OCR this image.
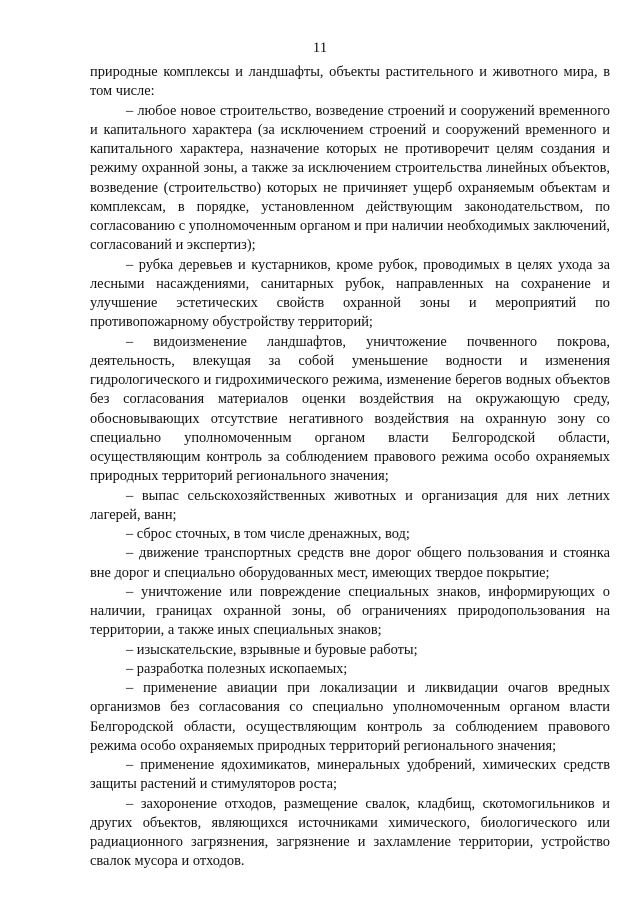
11

природные комплексы и ландшафты, объекты растительного и животного мира, в том числе:

– любое новое строительство, возведение строений и сооружений временного и капитального характера (за исключением строений и сооружений временного и капитального характера, назначение которых не противоречит целям создания и режиму охранной зоны, а также за исключением строительства линейных объектов, возведение (строительство) которых не причиняет ущерб охраняемым объектам и комплексам, в порядке, установленном действующим законодательством, по согласованию с уполномоченным органом и при наличии необходимых заключений, согласований и экспертиз);

– рубка деревьев и кустарников, кроме рубок, проводимых в целях ухода за лесными насаждениями, санитарных рубок, направленных на сохранение и улучшение эстетических свойств охранной зоны и мероприятий по противопожарному обустройству территорий;

– видоизменение ландшафтов, уничтожение почвенного покрова, деятельность, влекущая за собой уменьшение водности и изменения гидрологического и гидрохимического режима, изменение берегов водных объектов без согласования материалов оценки воздействия на окружающую среду, обосновывающих отсутствие негативного воздействия на охранную зону со специально уполномоченным органом власти Белгородской области, осуществляющим контроль за соблюдением правового режима особо охраняемых природных территорий регионального значения;

– выпас сельскохозяйственных животных и организация для них летних лагерей, ванн;

– сброс сточных, в том числе дренажных, вод;

– движение транспортных средств вне дорог общего пользования и стоянка вне дорог и специально оборудованных мест, имеющих твердое покрытие;

– уничтожение или повреждение специальных знаков, информирующих о наличии, границах охранной зоны, об ограничениях природопользования на территории, а также иных специальных знаков;

– изыскательские, взрывные и буровые работы;

– разработка полезных ископаемых;

– применение авиации при локализации и ликвидации очагов вредных организмов без согласования со специально уполномоченным органом власти Белгородской области, осуществляющим контроль за соблюдением правового режима особо охраняемых природных территорий регионального значения;

– применение ядохимикатов, минеральных удобрений, химических средств защиты растений и стимуляторов роста;

– захоронение отходов, размещение свалок, кладбищ, скотомогильников и других объектов, являющихся источниками химического, биологического или радиационного загрязнения, загрязнение и захламление территории, устройство свалок мусора и отходов.
